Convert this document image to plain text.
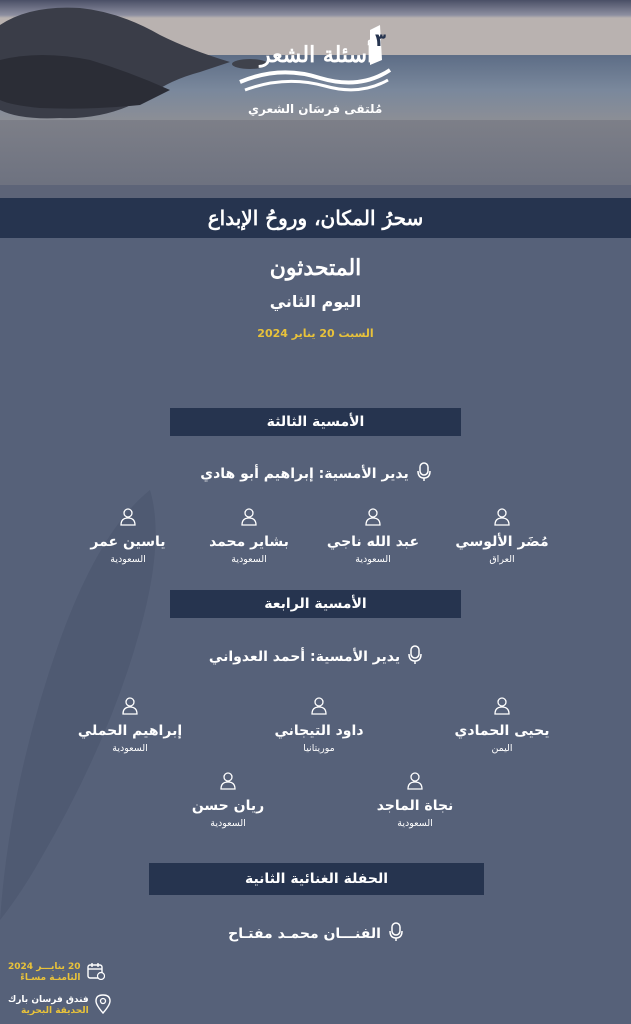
٣
أسئلة الشعر
مُلتقى فرسَان الشعري
سحرُ المكان، وروحُ الإبداع
المتحدثون
اليوم الثاني
السبت 20 يناير 2024
الأمسية الثالثة
يدير الأمسية: إبراهيم أبو هادي
مُضَر الألوسي
العراق
عبد الله ناجي
السعودية
بشاير محمد
السعودية
ياسين عمر
السعودية
الأمسية الرابعة
يدير الأمسية: أحمد العدواني
يحيى الحمادي
اليمن
داود التيجاني
موريتانيا
إبراهيم الحملي
السعودية
نجاة الماجد
السعودية
ريان حسن
السعودية
الحفلة الغنائية الثانية
الفنـــان محمـد مفتـاح
20 ينايـــر 2024
الثامنـة مسـاءً
فندق فرسان بارك
الحديقة البحرية
